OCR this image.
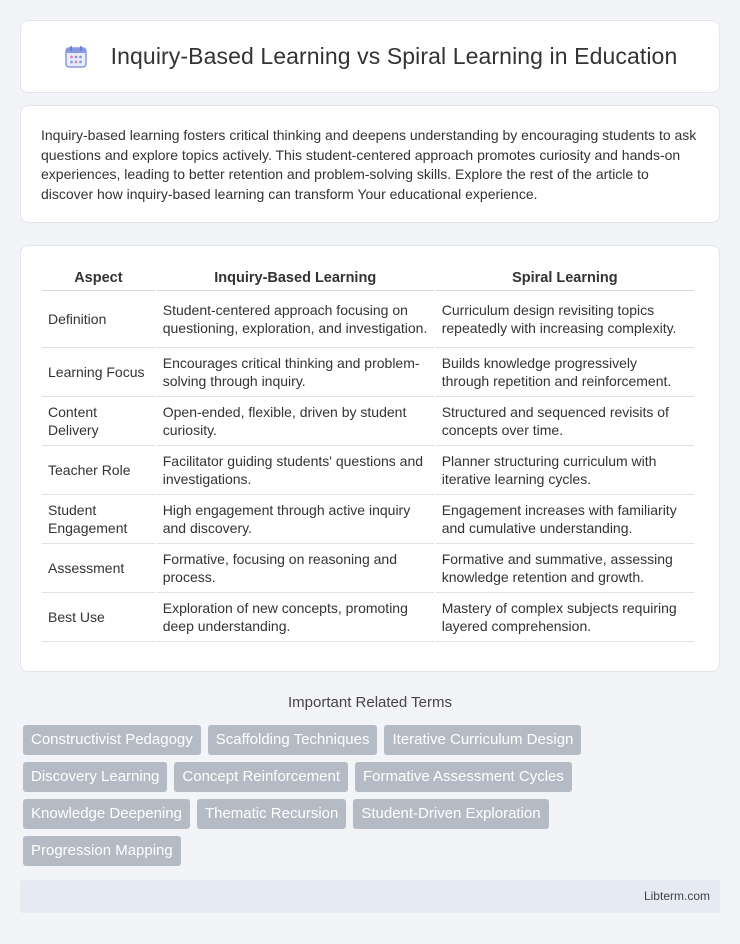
Inquiry-Based Learning vs Spiral Learning in Education

Inquiry-based learning fosters critical thinking and deepens understanding by encouraging students to ask questions and explore topics actively. This student-centered approach promotes curiosity and hands-on experiences, leading to better retention and problem-solving skills. Explore the rest of the article to discover how inquiry-based learning can transform Your educational experience.

Aspect	Inquiry-Based Learning	Spiral Learning
Definition	Student-centered approach focusing on questioning, exploration, and investigation.	Curriculum design revisiting topics repeatedly with increasing complexity.
Learning Focus	Encourages critical thinking and problem-solving through inquiry.	Builds knowledge progressively through repetition and reinforcement.
Content Delivery	Open-ended, flexible, driven by student curiosity.	Structured and sequenced revisits of concepts over time.
Teacher Role	Facilitator guiding students' questions and investigations.	Planner structuring curriculum with iterative learning cycles.
Student Engagement	High engagement through active inquiry and discovery.	Engagement increases with familiarity and cumulative understanding.
Assessment	Formative, focusing on reasoning and process.	Formative and summative, assessing knowledge retention and growth.
Best Use	Exploration of new concepts, promoting deep understanding.	Mastery of complex subjects requiring layered comprehension.
Important Related Terms
Constructivist Pedagogy	Scaffolding Techniques	Iterative Curriculum Design
Discovery Learning	Concept Reinforcement	Formative Assessment Cycles
Knowledge Deepening	Thematic Recursion	Student-Driven Exploration
Progression Mapping
Libterm.com
